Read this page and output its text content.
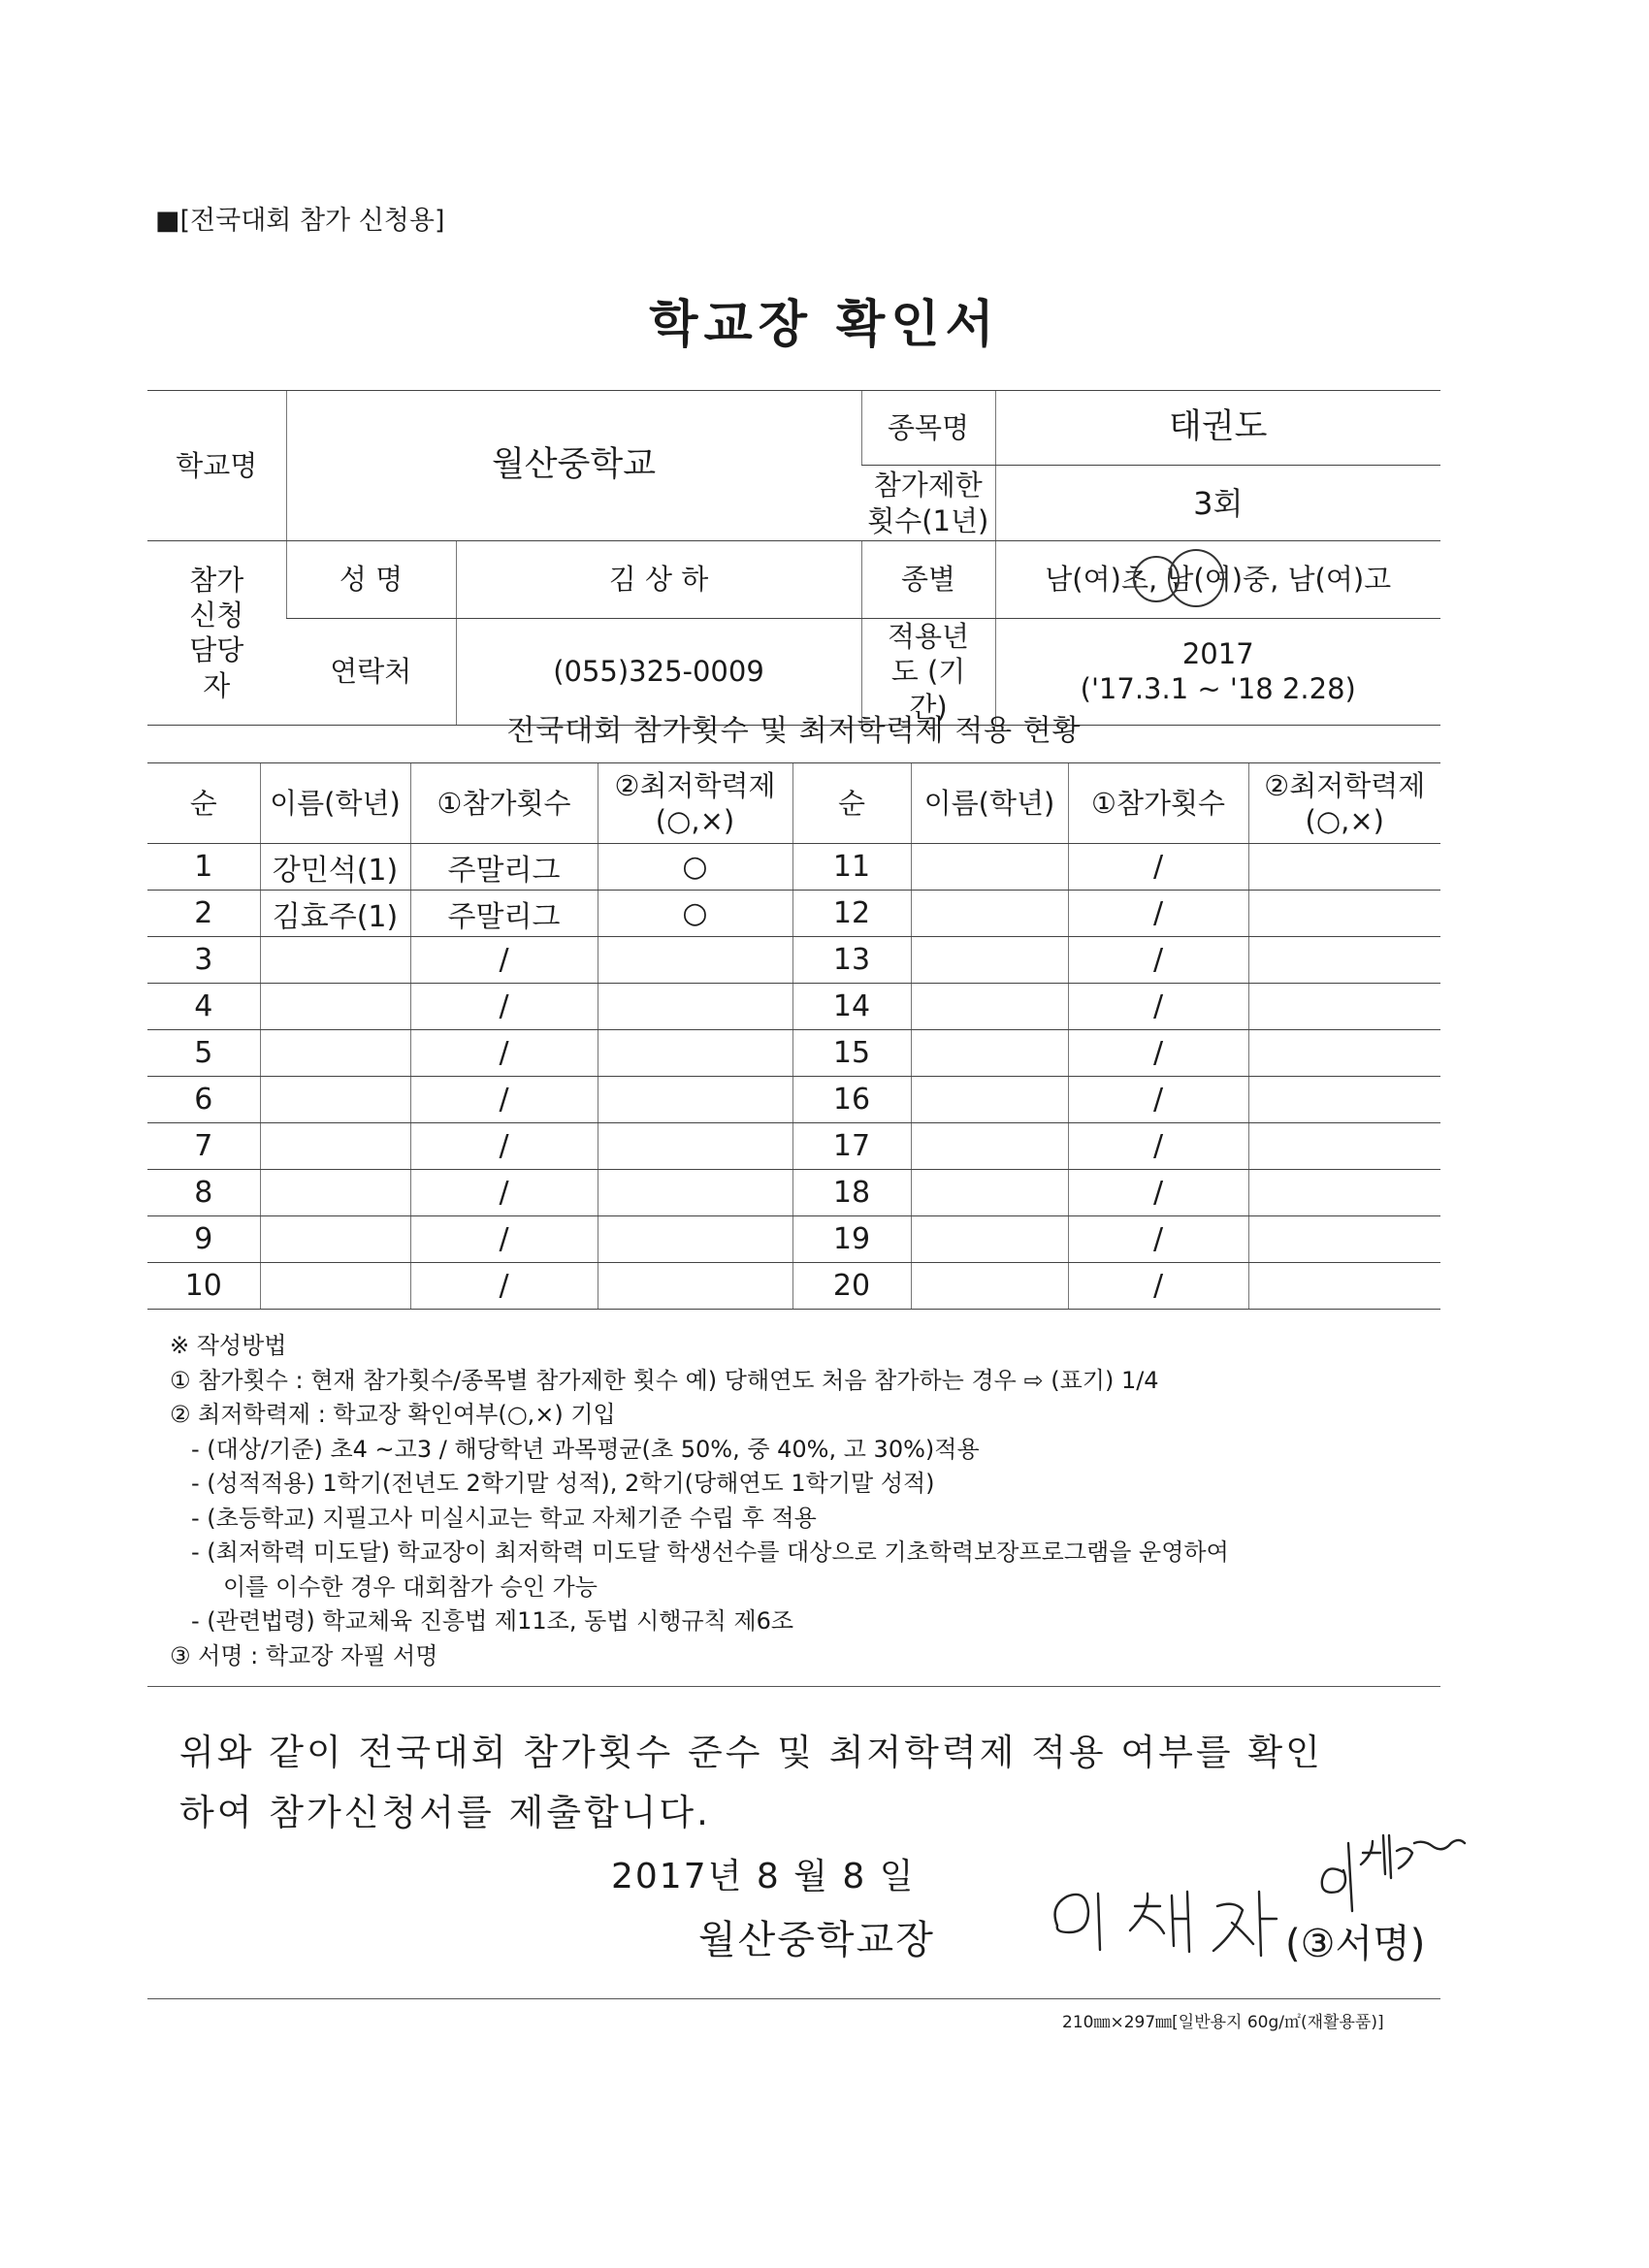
■[전국대회 참가 신청용]
학교장 확인서
학교명	월산중학교		종목명	태권도
			참가제한 횟수(1년)	3회
참가 신청 담당자	성 명	김 상 하	종별	남(여)초, 남(여)중, 남(여)고
	연락처	(055)325-0009	적용년도 (기간)	2017
('17.3.1 ~ '18 2.28)
전국대회 참가횟수 및 최저학력제 적용 현황
순	이름(학년)	①참가횟수	②최저학력제 (○,×)	순	이름(학년)	①참가횟수	②최저학력제 (○,×)
1	강민석(1)	주말리그	○	11		/	
2	김효주(1)	주말리그	○	12		/	
3		/		13		/	
4		/		14		/	
5		/		15		/	
6		/		16		/	
7		/		17		/	
8		/		18		/	
9		/		19		/	
10		/		20		/	
※ 작성방법
① 참가횟수 : 현재 참가횟수/종목별 참가제한 횟수 예) 당해연도 처음 참가하는 경우 ⇨ (표기) 1/4
② 최저학력제 : 학교장 확인여부(○,×) 기입
- (대상/기준) 초4 ~고3 / 해당학년 과목평균(초 50%, 중 40%, 고 30%)적용
- (성적적용) 1학기(전년도 2학기말 성적), 2학기(당해연도 1학기말 성적)
- (초등학교) 지필고사 미실시교는 학교 자체기준 수립 후 적용
- (최저학력 미도달) 학교장이 최저학력 미도달 학생선수를 대상으로 기초학력보장프로그램을 운영하여
이를 이수한 경우 대회참가 승인 가능
- (관련법령) 학교체육 진흥법 제11조, 동법 시행규칙 제6조
③ 서명 : 학교장 자필 서명
위와 같이 전국대회 참가횟수 준수 및 최저학력제 적용 여부를 확인
하여 참가신청서를 제출합니다.
2017년 8 월 8 일
월산중학교장	(③서명)
210㎜×297㎜[일반용지 60g/㎡(재활용품)]
